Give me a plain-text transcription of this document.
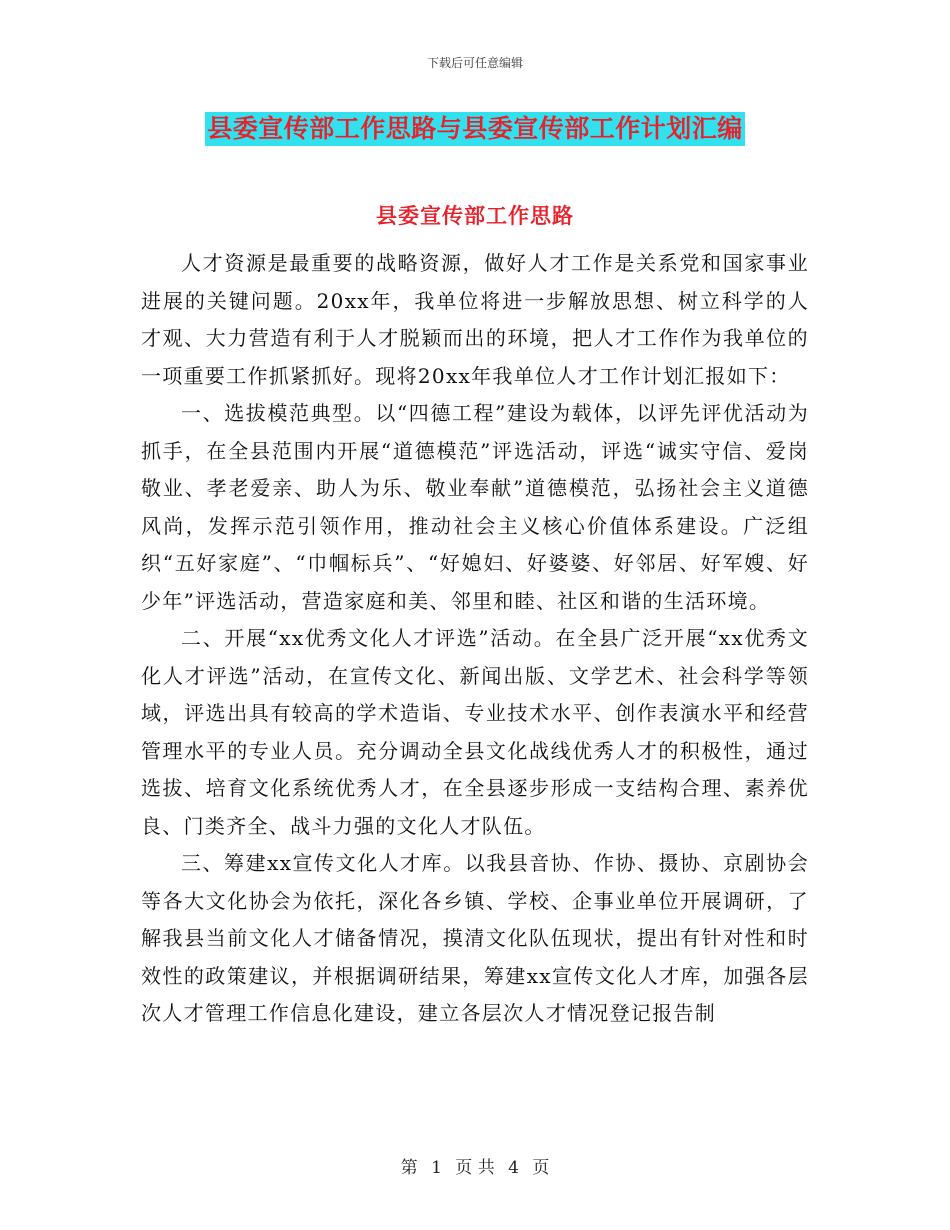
下载后可任意编辑
县委宣传部工作思路与县委宣传部工作计划汇编
县委宣传部工作思路

人才资源是最重要的战略资源，做好人才工作是关系党和国家事业进展的关键问题。20xx年，我单位将进一步解放思想、树立科学的人才观、大力营造有利于人才脱颖而出的环境，把人才工作作为我单位的一项重要工作抓紧抓好。现将20xx年我单位人才工作计划汇报如下：

一、选拔模范典型。以“四德工程”建设为载体，以评先评优活动为抓手，在全县范围内开展“道德模范”评选活动，评选“诚实守信、爱岗敬业、孝老爱亲、助人为乐、敬业奉献”道德模范，弘扬社会主义道德风尚，发挥示范引领作用，推动社会主义核心价值体系建设。广泛组织“五好家庭”、“巾帼标兵”、“好媳妇、好婆婆、好邻居、好军嫂、好少年”评选活动，营造家庭和美、邻里和睦、社区和谐的生活环境。

二、开展“xx优秀文化人才评选”活动。在全县广泛开展“xx优秀文化人才评选”活动，在宣传文化、新闻出版、文学艺术、社会科学等领域，评选出具有较高的学术造诣、专业技术水平、创作表演水平和经营管理水平的专业人员。充分调动全县文化战线优秀人才的积极性，通过选拔、培育文化系统优秀人才，在全县逐步形成一支结构合理、素养优良、门类齐全、战斗力强的文化人才队伍。

三、筹建xx宣传文化人才库。以我县音协、作协、摄协、京剧协会等各大文化协会为依托，深化各乡镇、学校、企事业单位开展调研，了解我县当前文化人才储备情况，摸清文化队伍现状，提出有针对性和时效性的政策建议，并根据调研结果，筹建xx宣传文化人才库，加强各层次人才管理工作信息化建设，建立各层次人才情况登记报告制

第 1 页 共 4 页
